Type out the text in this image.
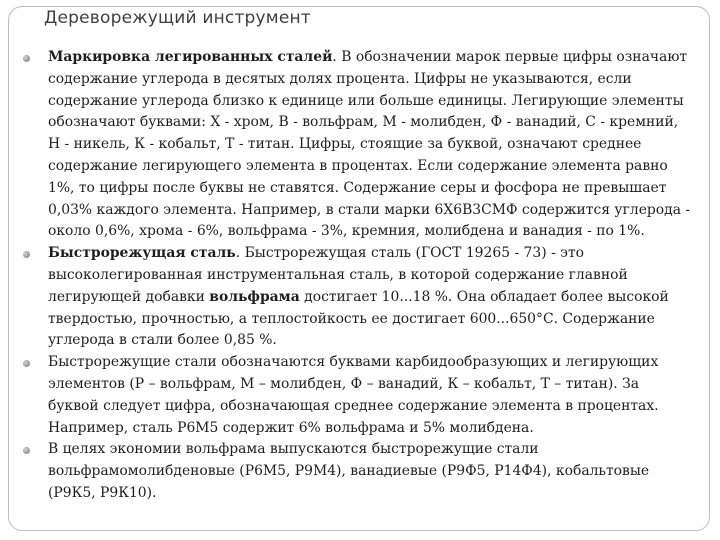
Дереворежущий инструмент
Маркировка легированных сталей. В обозначении марок первые цифры означают содержание углерода в десятых долях процента. Цифры не указываются, если содержание углерода близко к единице или больше единицы. Легирующие элементы обозначают буквами: Х - хром, В - вольфрам, М - молибден, Ф - ванадий, С - кремний, Н - никель, К - кобальт, Т - титан. Цифры, стоящие за буквой, означают среднее содержание легирующего элемента в процентах. Если содержание элемента равно 1%, то цифры после буквы не ставятся. Содержание серы и фосфора не превышает 0,03% каждого элемента. Например, в стали марки 6Х6В3СМФ содержится углерода - около 0,6%, хрома - 6%, вольфрама - 3%, кремния, молибдена и ванадия - по 1%.
Быстрорежущая сталь. Быстрорежущая сталь (ГОСТ 19265 - 73) - это высоколегированная инструментальная сталь, в которой содержание главной легирующей добавки вольфрама достигает 10...18 %. Она обладает более высокой твердостью, прочностью, а теплостойкость ее достигает 600...650°С. Содержание углерода в стали более 0,85 %.
Быстрорежущие стали обозначаются буквами карбидообразующих и легирующих элементов (Р – вольфрам, М – молибден, Ф – ванадий, К – кобальт, Т – титан). За буквой следует цифра, обозначающая среднее содержание элемента в процентах. Например, сталь Р6М5 содержит 6% вольфрама и 5% молибдена.
В целях экономии вольфрама выпускаются быстрорежущие стали вольфрамомолибденовые (Р6М5, Р9М4), ванадиевые (Р9Ф5, Р14Ф4), кобальтовые (Р9К5, Р9К10).
